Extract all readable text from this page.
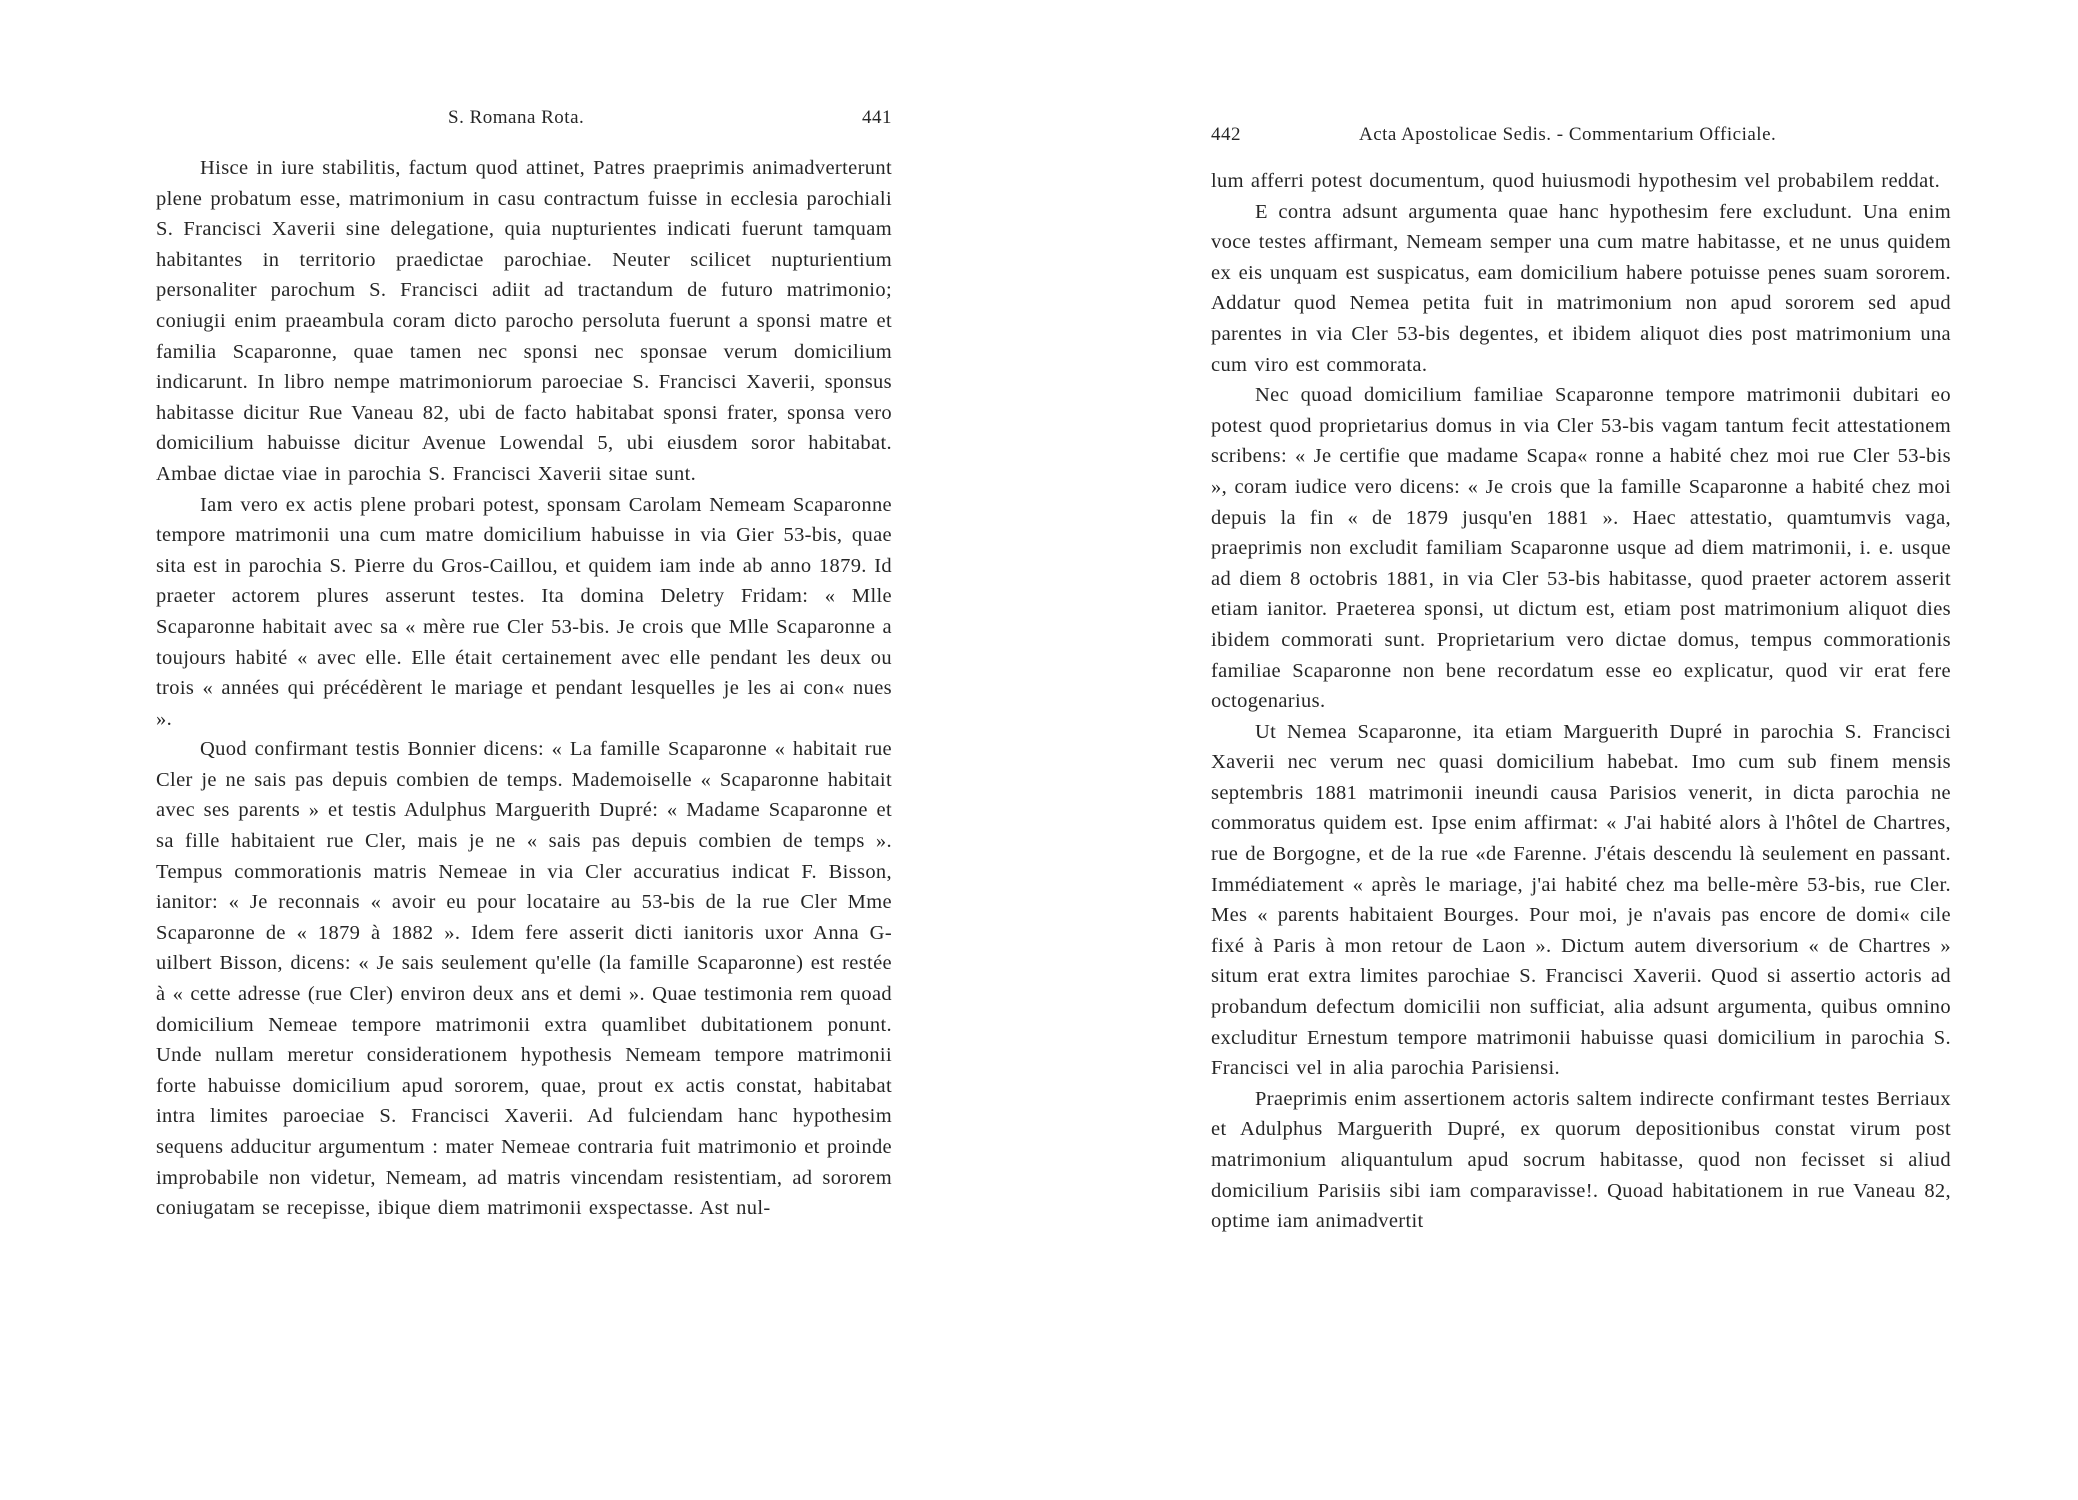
S. Romana Rota.	441

Hisce in iure stabilitis, factum quod attinet, Patres praeprimis animadverterunt plene probatum esse, matrimonium in casu contractum fuisse in ecclesia parochiali S. Francisci Xaverii sine delegatione, quia nupturientes indicati fuerunt tamquam habitantes in territorio praedictae parochiae. Neuter scilicet nupturientium personaliter parochum S. Francisci adiit ad tractandum de futuro matrimonio; coniugii enim praeambula coram dicto parocho persoluta fuerunt a sponsi matre et familia Scaparonne, quae tamen nec sponsi nec sponsae verum domicilium indicarunt. In libro nempe matrimoniorum paroeciae S. Francisci Xaverii, sponsus habitasse dicitur Rue Vaneau 82, ubi de facto habitabat sponsi frater, sponsa vero domicilium habuisse dicitur Avenue Lowendal 5, ubi eiusdem soror habitabat. Ambae dictae viae in parochia S. Francisci Xaverii sitae sunt.

Iam vero ex actis plene probari potest, sponsam Carolam Nemeam Scaparonne tempore matrimonii una cum matre domicilium habuisse in via Gier 53-bis, quae sita est in parochia S. Pierre du Gros-Caillou, et quidem iam inde ab anno 1879. Id praeter actorem plures asserunt testes. Ita domina Deletry Fridam: « Mlle Scaparonne habitait avec sa « mère rue Cler 53-bis. Je crois que Mlle Scaparonne a toujours habité « avec elle. Elle était certainement avec elle pendant les deux ou trois « années qui précédèrent le mariage et pendant lesquelles je les ai con« nues ».

Quod confirmant testis Bonnier dicens: « La famille Scaparonne « habitait rue Cler je ne sais pas depuis combien de temps. Mademoiselle « Scaparonne habitait avec ses parents » et testis Adulphus Marguerith Dupré: « Madame Scaparonne et sa fille habitaient rue Cler, mais je ne « sais pas depuis combien de temps ». Tempus commorationis matris Nemeae in via Cler accuratius indicat F. Bisson, ianitor: « Je reconnais « avoir eu pour locataire au 53-bis de la rue Cler Mme Scaparonne de « 1879 à 1882 ». Idem fere asserit dicti ianitoris uxor Anna G-uilbert Bisson, dicens: « Je sais seulement qu'elle (la famille Scaparonne) est restée à « cette adresse (rue Cler) environ deux ans et demi ». Quae testimonia rem quoad domicilium Nemeae tempore matrimonii extra quamlibet dubitationem ponunt. Unde nullam meretur considerationem hypothesis Nemeam tempore matrimonii forte habuisse domicilium apud sororem, quae, prout ex actis constat, habitabat intra limites paroeciae S. Francisci Xaverii. Ad fulciendam hanc hypothesim sequens adducitur argumentum : mater Nemeae contraria fuit matrimonio et proinde improbabile non videtur, Nemeam, ad matris vincendam resistentiam, ad sororem coniugatam se recepisse, ibique diem matrimonii exspectasse. Ast nul-

442	Acta Apostolicae Sedis. - Commentarium Officiale.

lum afferri potest documentum, quod huiusmodi hypothesim vel probabilem reddat.

E contra adsunt argumenta quae hanc hypothesim fere excludunt. Una enim voce testes affirmant, Nemeam semper una cum matre habitasse, et ne unus quidem ex eis unquam est suspicatus, eam domicilium habere potuisse penes suam sororem. Addatur quod Nemea petita fuit in matrimonium non apud sororem sed apud parentes in via Cler 53-bis degentes, et ibidem aliquot dies post matrimonium una cum viro est commorata.

Nec quoad domicilium familiae Scaparonne tempore matrimonii dubitari eo potest quod proprietarius domus in via Cler 53-bis vagam tantum fecit attestationem scribens: « Je certifie que madame Scapa« ronne a habité chez moi rue Cler 53-bis », coram iudice vero dicens: « Je crois que la famille Scaparonne a habité chez moi depuis la fin « de 1879 jusqu'en 1881 ». Haec attestatio, quamtumvis vaga, praeprimis non excludit familiam Scaparonne usque ad diem matrimonii, i. e. usque ad diem 8 octobris 1881, in via Cler 53-bis habitasse, quod praeter actorem asserit etiam ianitor. Praeterea sponsi, ut dictum est, etiam post matrimonium aliquot dies ibidem commorati sunt. Proprietarium vero dictae domus, tempus commorationis familiae Scaparonne non bene recordatum esse eo explicatur, quod vir erat fere octogenarius.

Ut Nemea Scaparonne, ita etiam Marguerith Dupré in parochia S. Francisci Xaverii nec verum nec quasi domicilium habebat. Imo cum sub finem mensis septembris 1881 matrimonii ineundi causa Parisios venerit, in dicta parochia ne commoratus quidem est. Ipse enim affirmat: « J'ai habité alors à l'hôtel de Chartres, rue de Borgogne, et de la rue «de Farenne. J'étais descendu là seulement en passant. Immédiatement « après le mariage, j'ai habité chez ma belle-mère 53-bis, rue Cler. Mes « parents habitaient Bourges. Pour moi, je n'avais pas encore de domi« cile fixé à Paris à mon retour de Laon ». Dictum autem diversorium « de Chartres » situm erat extra limites parochiae S. Francisci Xaverii. Quod si assertio actoris ad probandum defectum domicilii non sufficiat, alia adsunt argumenta, quibus omnino excluditur Ernestum tempore matrimonii habuisse quasi domicilium in parochia S. Francisci vel in alia parochia Parisiensi.

Praeprimis enim assertionem actoris saltem indirecte confirmant testes Berriaux et Adulphus Marguerith Dupré, ex quorum depositionibus constat virum post matrimonium aliquantulum apud socrum habitasse, quod non fecisset si aliud domicilium Parisiis sibi iam comparavisse!. Quoad habitationem in rue Vaneau 82, optime iam animadvertit
